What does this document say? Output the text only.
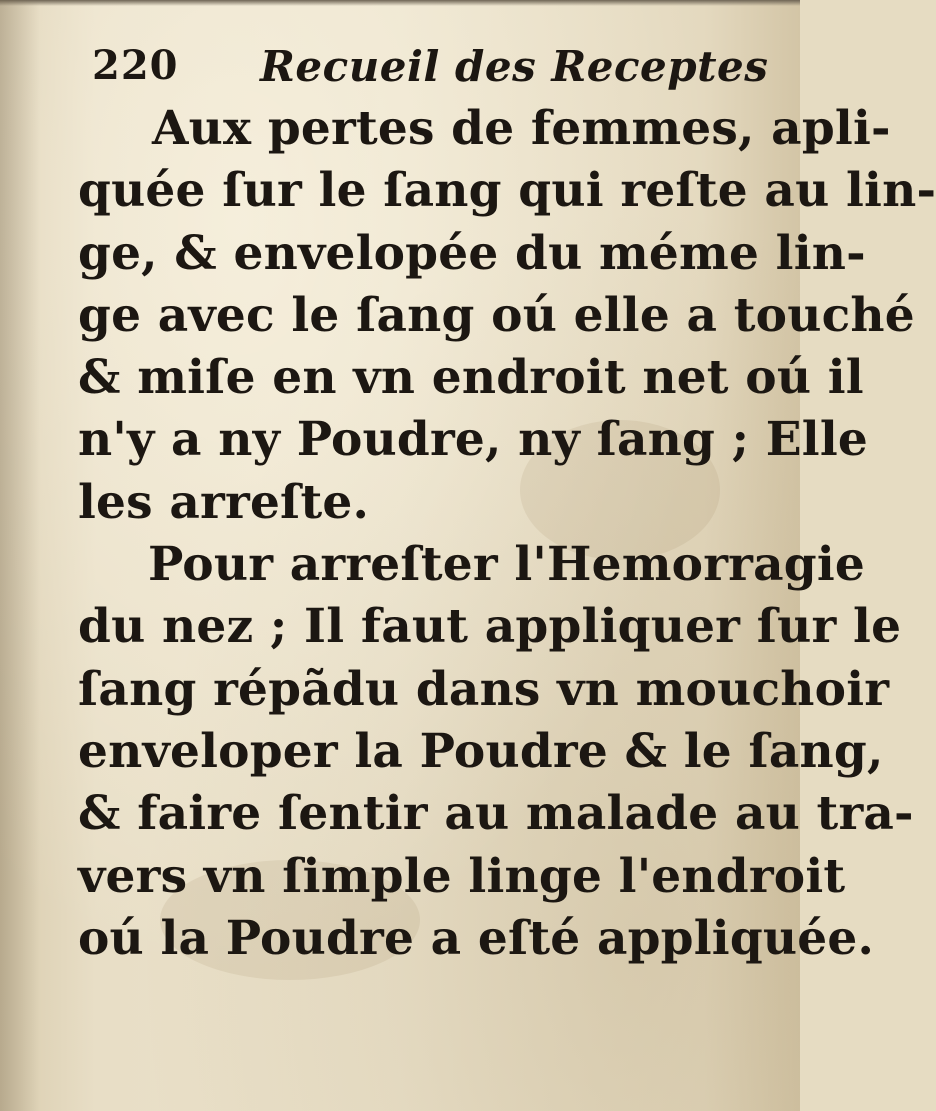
220 Recueil des Receptes
Aux pertes de femmes, apli-
quée ſur le ſang qui reſte au lin-
ge, & envelopée du méme lin-
ge avec le ſang oú elle a touché
& miſe en vn endroit net oú il
n'y a ny Poudre, ny ſang ; Elle
les arreſte.
Pour arreſter l'Hemorragie
du nez ; Il faut appliquer ſur le
ſang répãdu dans vn mouchoir
enveloper la Poudre & le ſang,
& faire ſentir au malade au tra-
vers vn ſimple linge l'endroit
oú la Poudre a eſté appliquée.
